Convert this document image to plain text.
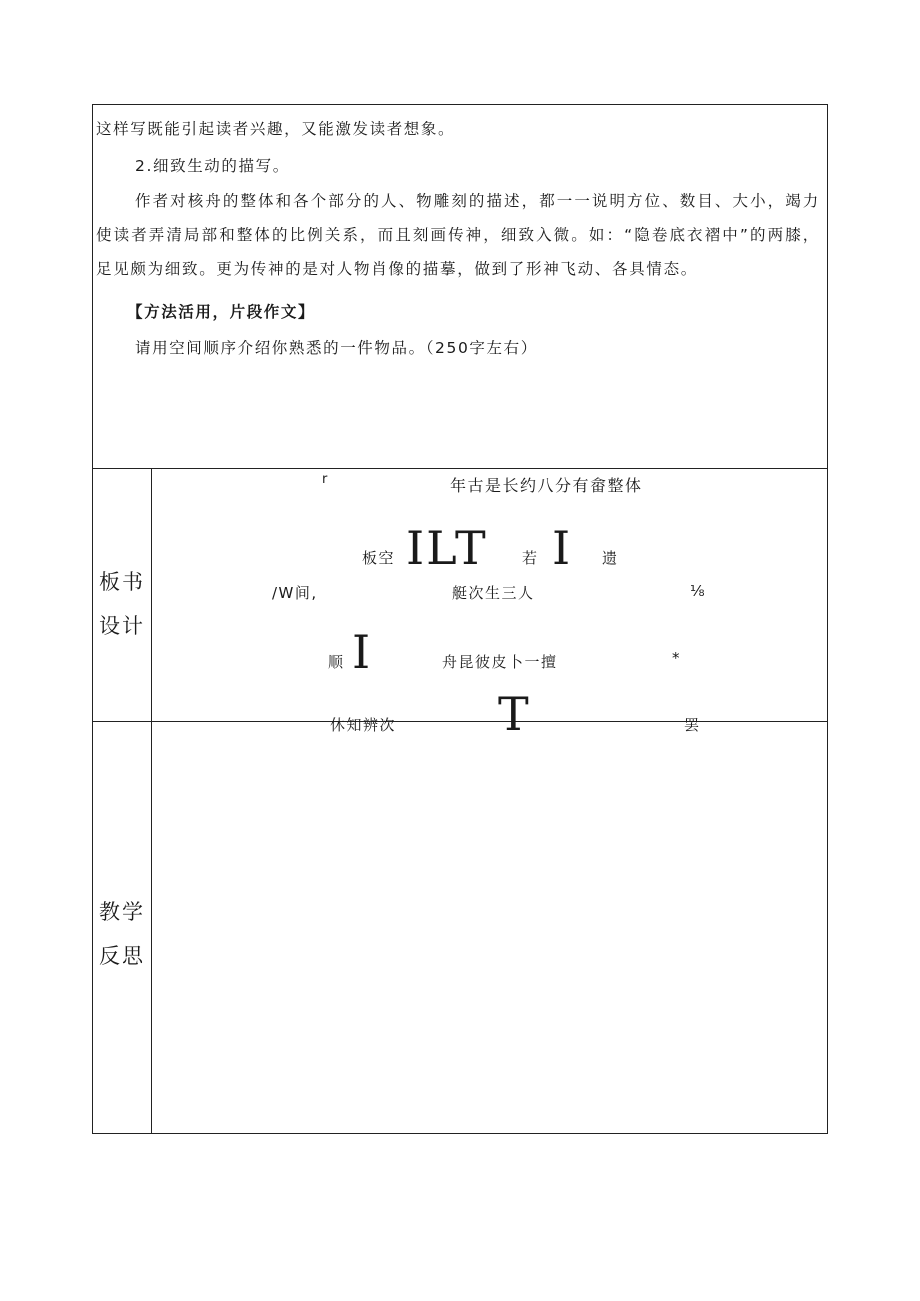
这样写既能引起读者兴趣，又能激发读者想象。
2.细致生动的描写。
作者对核舟的整体和各个部分的人、物雕刻的描述，都一一说明方位、数目、大小，竭力使读者弄清局部和整体的比例关系，而且刻画传神，细致入微。如：“隐卷底衣褶中”的两膝，足见颇为细致。更为传神的是对人物肖像的描摹，做到了形神飞动、各具情态。
【方法活用，片段作文】
请用空间顺序介绍你熟悉的一件物品。（250字左右）
板书
设计
r	年古是长约八分有畲整体
板空 ILT 若 I 遗
/W间,	艇次生三人	⅛
顺 I	舟昆彼皮卜一擅	*
休知辨次 T	罢
教学
反思
